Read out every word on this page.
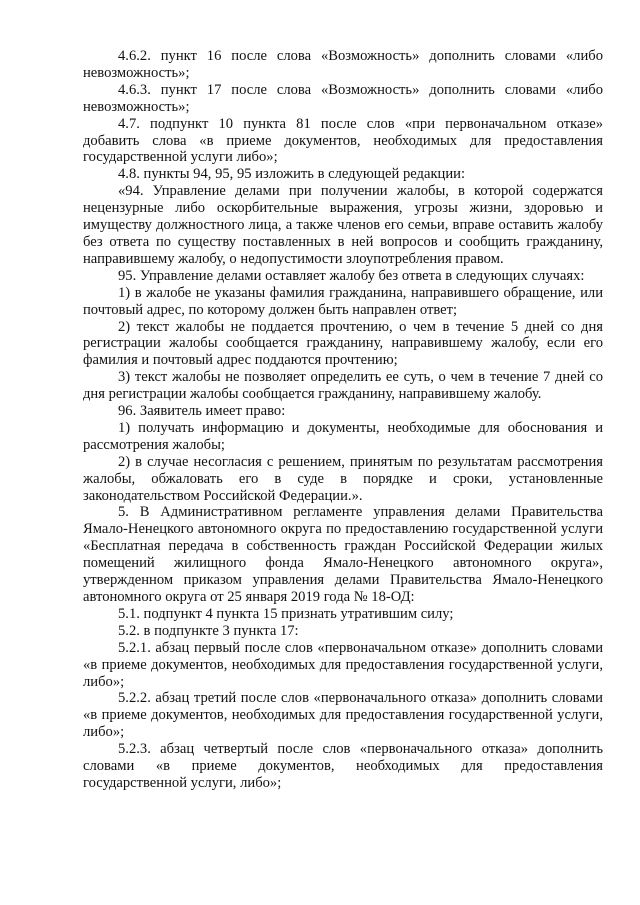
4.6.2. пункт 16 после слова «Возможность» дополнить словами «либо невозможность»;

4.6.3. пункт 17 после слова «Возможность» дополнить словами «либо невозможность»;

4.7. подпункт 10 пункта 81 после слов «при первоначальном отказе» добавить слова «в приеме документов, необходимых для предоставления государственной услуги либо»;

4.8. пункты 94, 95, 95 изложить в следующей редакции:

«94. Управление делами при получении жалобы, в которой содержатся нецензурные либо оскорбительные выражения, угрозы жизни, здоровью и имуществу должностного лица, а также членов его семьи, вправе оставить жалобу без ответа по существу поставленных в ней вопросов и сообщить гражданину, направившему жалобу, о недопустимости злоупотребления правом.

95. Управление делами оставляет жалобу без ответа в следующих случаях:

1) в жалобе не указаны фамилия гражданина, направившего обращение, или почтовый адрес, по которому должен быть направлен ответ;

2) текст жалобы не поддается прочтению, о чем в течение 5 дней со дня регистрации жалобы сообщается гражданину, направившему жалобу, если его фамилия и почтовый адрес поддаются прочтению;

3) текст жалобы не позволяет определить ее суть, о чем в течение 7 дней со дня регистрации жалобы сообщается гражданину, направившему жалобу.

96. Заявитель имеет право:

1) получать информацию и документы, необходимые для обоснования и рассмотрения жалобы;

2) в случае несогласия с решением, принятым по результатам рассмотрения жалобы, обжаловать его в суде в порядке и сроки, установленные законодательством Российской Федерации.».

5. В Административном регламенте управления делами Правительства Ямало-Ненецкого автономного округа по предоставлению государственной услуги «Бесплатная передача в собственность граждан Российской Федерации жилых помещений жилищного фонда Ямало-Ненецкого автономного округа», утвержденном приказом управления делами Правительства Ямало-Ненецкого автономного округа от 25 января 2019 года № 18-ОД:

5.1. подпункт 4 пункта 15 признать утратившим силу;

5.2. в подпункте 3 пункта 17:

5.2.1. абзац первый после слов «первоначальном отказе» дополнить словами «в приеме документов, необходимых для предоставления государственной услуги, либо»;

5.2.2. абзац третий после слов «первоначального отказа» дополнить словами «в приеме документов, необходимых для предоставления государственной услуги, либо»;

5.2.3. абзац четвертый после слов «первоначального отказа» дополнить словами «в приеме документов, необходимых для предоставления государственной услуги, либо»;
